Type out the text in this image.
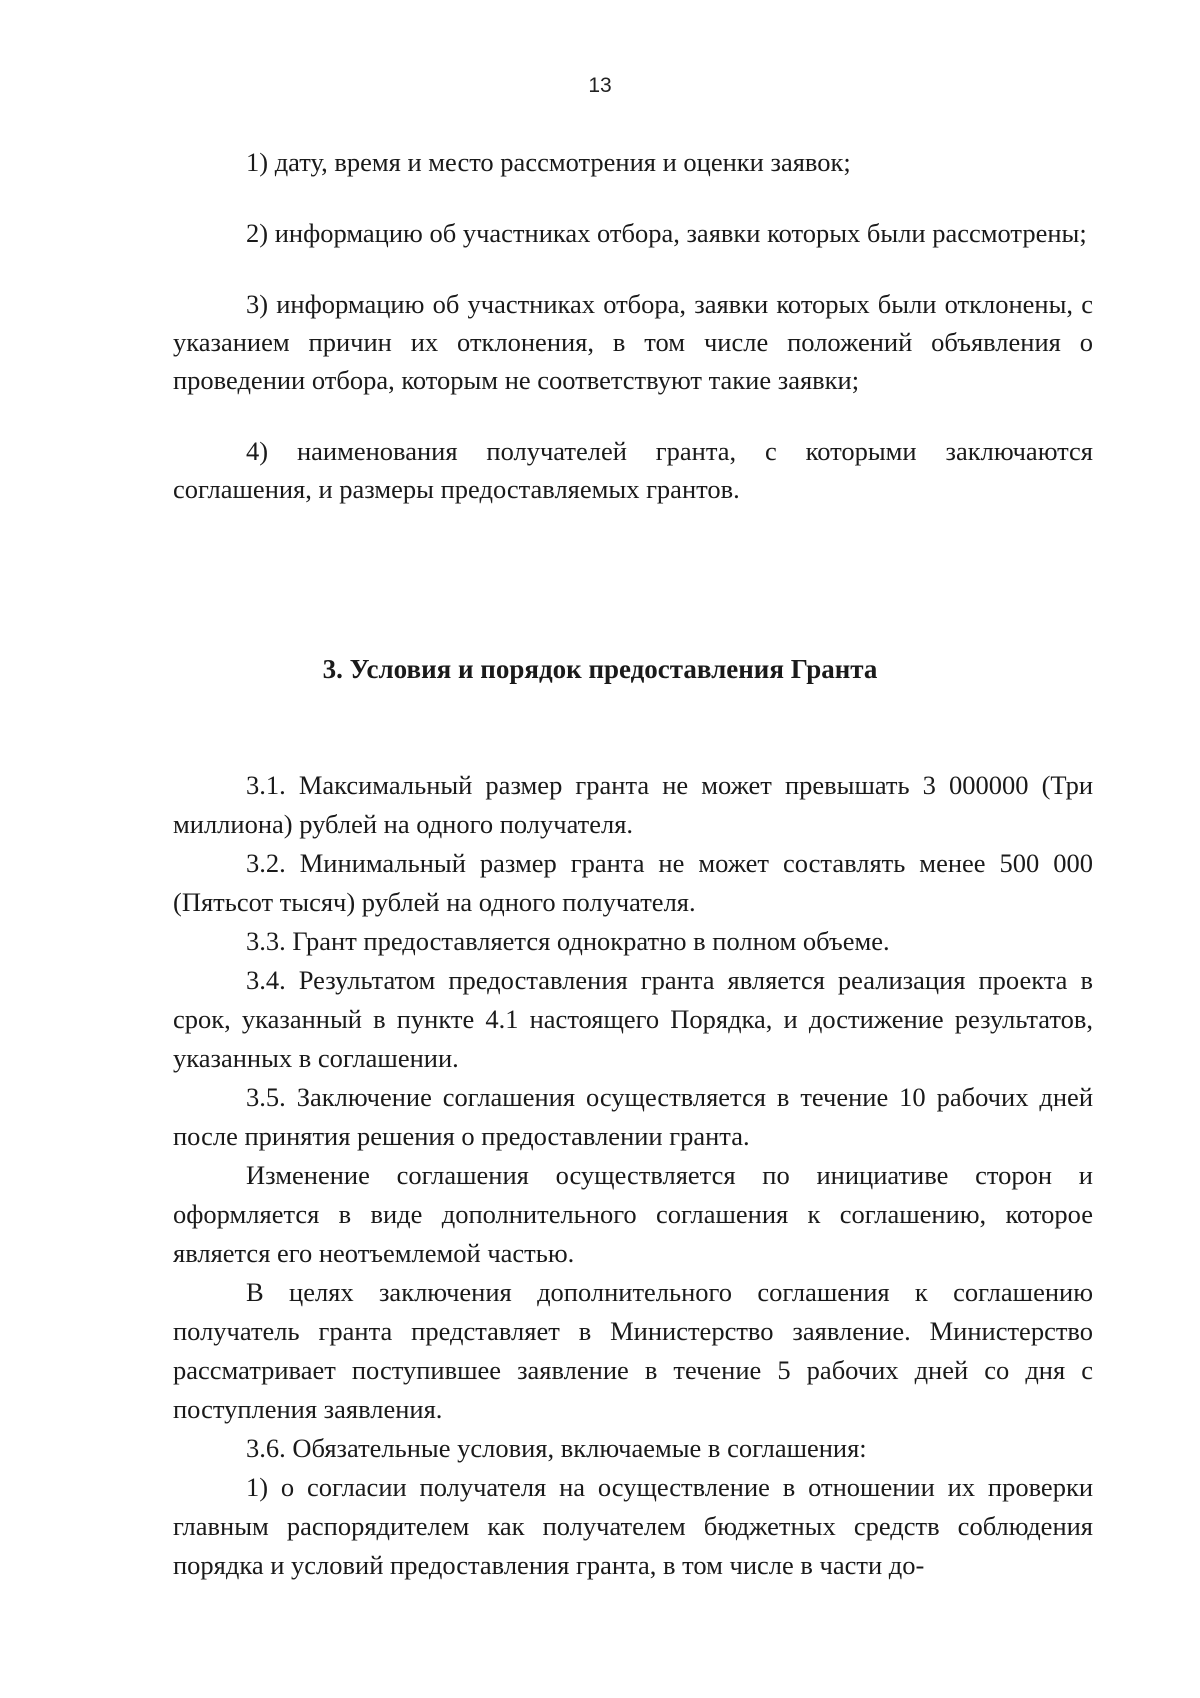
13

1) дату, время и место рассмотрения и оценки заявок;

2) информацию об участниках отбора, заявки которых были рассмотрены;

3) информацию об участниках отбора, заявки которых были отклонены, с указанием причин их отклонения, в том числе положений объявления о проведении отбора, которым не соответствуют такие заявки;

4) наименования получателей гранта, с которыми заключаются соглашения, и размеры предоставляемых грантов.

3. Условия и порядок предоставления Гранта

3.1. Максимальный размер гранта не может превышать 3 000000 (Три миллиона) рублей на одного получателя.

3.2. Минимальный размер гранта не может составлять менее 500 000 (Пятьсот тысяч) рублей на одного получателя.

3.3. Грант предоставляется однократно в полном объеме.

3.4. Результатом предоставления гранта является реализация проекта в срок, указанный в пункте 4.1 настоящего Порядка, и достижение результатов, указанных в соглашении.

3.5. Заключение соглашения осуществляется в течение 10 рабочих дней после принятия решения о предоставлении гранта.

Изменение соглашения осуществляется по инициативе сторон и оформляется в виде дополнительного соглашения к соглашению, которое является его неотъемлемой частью.

В целях заключения дополнительного соглашения к соглашению получатель гранта представляет в Министерство заявление. Министерство рассматривает поступившее заявление в течение 5 рабочих дней со дня с поступления заявления.

3.6. Обязательные условия, включаемые в соглашения:

1) о согласии получателя на осуществление в отношении их проверки главным распорядителем как получателем бюджетных средств соблюдения порядка и условий предоставления гранта, в том числе в части до-
